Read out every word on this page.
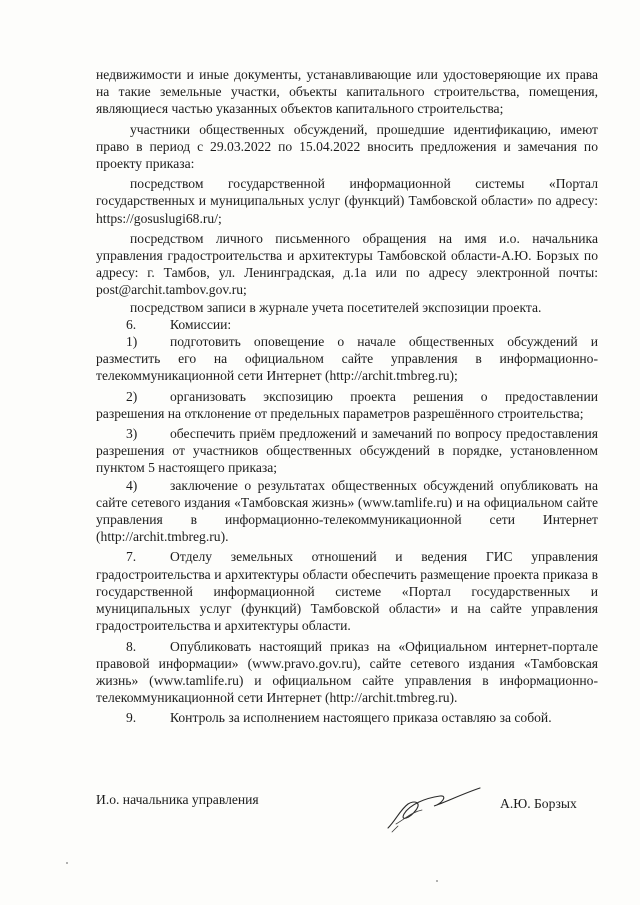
недвижимости и иные документы, устанавливающие или удостоверяющие их права на такие земельные участки, объекты капитального строительства, помещения, являющиеся частью указанных объектов капитального строительства;

участники общественных обсуждений, прошедшие идентификацию, имеют право в период с 29.03.2022 по 15.04.2022 вносить предложения и замечания по проекту приказа:

посредством государственной информационной системы «Портал государственных и муниципальных услуг (функций) Тамбовской области» по адресу: https://gosuslugi68.ru/;

посредством личного письменного обращения на имя и.о. начальника управления градостроительства и архитектуры Тамбовской области-А.Ю. Борзых по адресу: г. Тамбов, ул. Ленинградская, д.1а или по адресу электронной почты: post@archit.tambov.gov.ru;

посредством записи в журнале учета посетителей экспозиции проекта.

6. Комиссии:

1) подготовить оповещение о начале общественных обсуждений и разместить его на официальном сайте управления в информационно-телекоммуникационной сети Интернет (http://archit.tmbreg.ru);

2) организовать экспозицию проекта решения о предоставлении разрешения на отклонение от предельных параметров разрешённого строительства;

3) обеспечить приём предложений и замечаний по вопросу предоставления разрешения от участников общественных обсуждений в порядке, установленном пунктом 5 настоящего приказа;

4) заключение о результатах общественных обсуждений опубликовать на сайте сетевого издания «Тамбовская жизнь» (www.tamlife.ru) и на официальном сайте управления в информационно-телекоммуникационной сети Интернет (http://archit.tmbreg.ru).

7. Отделу земельных отношений и ведения ГИС управления градостроительства и архитектуры области обеспечить размещение проекта приказа в государственной информационной системе «Портал государственных и муниципальных услуг (функций) Тамбовской области» и на сайте управления градостроительства и архитектуры области.

8. Опубликовать настоящий приказ на «Официальном интернет-портале правовой информации» (www.pravo.gov.ru), сайте сетевого издания «Тамбовская жизнь» (www.tamlife.ru) и официальном сайте управления в информационно-телекоммуникационной сети Интернет (http://archit.tmbreg.ru).

9. Контроль за исполнением настоящего приказа оставляю за собой.

И.о. начальника управления	А.Ю. Борзых
